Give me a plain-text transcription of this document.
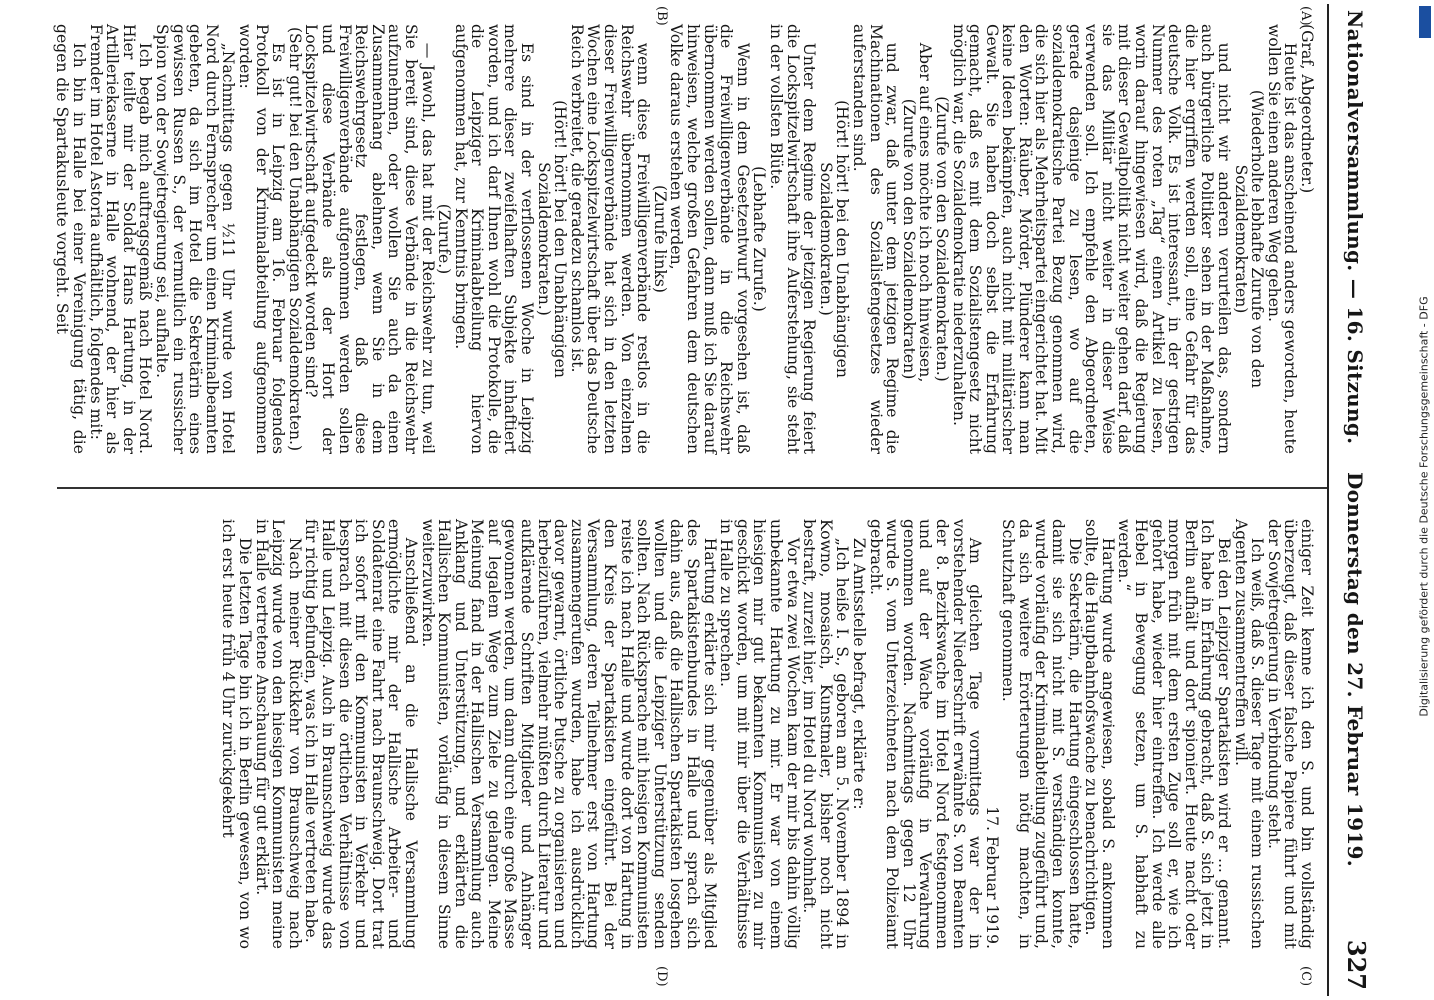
Nationalversammlung. — 16. Sitzung.
Donnerstag den 27. Februar 1919.
327
(A)
(B)
(C)
(D)

(Graf, Abgeordneter.)

Heute ist das anscheinend anders geworden, heute wollen Sie einen anderen Weg gehen.

(Wiederholte lebhafte Zurufe von den Sozialdemokraten)

und nicht wir anderen verurteilen das, sondern auch bürgerliche Politiker sehen in der Maßnahme, die hier ergriffen werden soll, eine Gefahr für das deutsche Volk. Es ist interessant, in der gestrigen Nummer des roten „Tag“ einen Artikel zu lesen, worin darauf hingewiesen wird, daß die Regierung mit dieser Gewaltpolitik nicht weiter gehen darf, daß sie das Militär nicht weiter in dieser Weise verwenden soll. Ich empfehle den Abgeordneten, gerade dasjenige zu lesen, wo auf die sozialdemokratische Partei Bezug genommen wird, die sich hier als Mehrheitspartei eingerichtet hat. Mit den Worten: Räuber, Mörder, Plünderer kann man keine Ideen bekämpfen, auch nicht mit militärischer Gewalt. Sie haben doch selbst die Erfahrung gemacht, daß es mit dem Sozialistengesetz nicht möglich war, die Sozialdemokratie niederzuhalten.

(Zurufe von den Sozialdemokraten.)

Aber auf eines möchte ich noch hinweisen,

(Zurufe von den Sozialdemokraten)

und zwar, daß unter dem jetzigen Regime die Machinationen des Sozialistengesetzes wieder auferstanden sind.

(Hört! hört! bei den Unabhängigen Sozialdemokraten.)

Unter dem Regime der jetzigen Regierung feiert die Lockspitzelwirtschaft ihre Auferstehung, sie steht in der vollsten Blüte.

(Lebhafte Zurufe.)

Wenn in dem Gesetzentwurf vorgesehen ist, daß die Freiwilligenverbände in die Reichswehr übernommen werden sollen, dann muß ich Sie darauf hinweisen, welche großen Gefahren dem deutschen Volke daraus erstehen werden,

(Zurufe links)

wenn diese Freiwilligenverbände restlos in die Reichswehr übernommen werden. Von einzelnen dieser Freiwilligenverbände hat sich in den letzten Wochen eine Lockspitzelwirtschaft über das Deutsche Reich verbreitet, die geradezu schamlos ist.

(Hört! hört! bei den Unabhängigen Sozialdemokraten.)

Es sind in der verflossenen Woche in Leipzig mehrere dieser zweifelhaften Subjekte inhaftiert worden, und ich darf Ihnen wohl die Protokolle, die die Leipziger Kriminalabteilung hiervon aufgenommen hat, zur Kenntnis bringen.

(Zurufe.)

— Jawohl, das hat mit der Reichswehr zu tun, weil Sie bereit sind, diese Verbände in die Reichswehr aufzunehmen, oder wollen Sie auch da einen Zusammenhang ablehnen, wenn Sie in dem Reichswehrgesetz festlegen, daß diese Freiwilligenverbände aufgenommen werden sollen und diese Verbände als der Hort der Lockspitzelwirtschaft aufgedeckt worden sind?

(Sehr gut! bei den Unabhängigen Sozialdemokraten.)

Es ist in Leipzig am 16. Februar folgendes Protokoll von der Kriminalabteilung aufgenommen worden:

„Nachmittags gegen ½11 Uhr wurde von Hotel Nord durch Fernsprecher um einen Kriminalbeamten gebeten, da sich im Hotel die Sekretärin eines gewissen Russen S., der vermutlich ein russischer Spion von der Sowjetregierung sei, aufhalte.

Ich begab mich auftragsgemäß nach Hotel Nord. Hier teilte mir der Soldat Hans Hartung, in der Artilleriekaserne in Halle wohnend, der hier als Fremder im Hotel Astoria aufhältlich, folgendes mit:

Ich bin in Halle bei einer Vereinigung tätig, die gegen die Spartakusleute vorgeht. Seit

einiger Zeit kenne ich den S. und bin vollständig überzeugt, daß dieser falsche Papiere führt und mit der Sowjetregierung in Verbindung steht.

Ich weiß, daß S. dieser Tage mit einem russischen Agenten zusammentreffen will.

Bei den Leipziger Spartakisten wird er ... genannt. Ich habe in Erfahrung gebracht, daß S. sich jetzt in Berlin aufhält und dort spioniert. Heute nacht oder morgen früh mit dem ersten Zuge soll er, wie ich gehört habe, wieder hier eintreffen. Ich werde alle Hebel in Bewegung setzen, um S. habhaft zu werden.“

Hartung wurde angewiesen, sobald S. ankommen sollte, die Hauptbahnhofswache zu benachrichtigen.

Die Sekretärin, die Hartung eingeschlossen hatte, damit sie sich nicht mit S. verständigen konnte, wurde vorläufig der Kriminalabteilung zugeführt und, da sich weitere Erörterungen nötig machten, in Schutzhaft genommen.

17. Februar 1919.

Am gleichen Tage vormittags war der in vorstehender Niederschrift erwähnte S. von Beamten der 8. Bezirkswache im Hotel Nord festgenommen und auf der Wache vorläufig in Verwahrung genommen worden. Nachmittags gegen 12 Uhr wurde S. vom Unterzeichneten nach dem Polizeiamt gebracht.

Zu Amtsstelle befragt, erklärte er:

„Ich heiße I. S., geboren am 5. November 1894 in Kowno, mosaisch, Kunstmaler, bisher noch nicht bestraft, zurzeit hier, im Hotel du Nord wohnhaft.

Vor etwa zwei Wochen kam der mir bis dahin völlig unbekannte Hartung zu mir. Er war von einem hiesigen mir gut bekannten Kommunisten zu mir geschickt worden, um mit mir über die Verhältnisse in Halle zu sprechen.

Hartung erklärte sich mir gegenüber als Mitglied des Spartakistenbundes in Halle und sprach sich dahin aus, daß die Hallischen Spartakisten losgehen wollten und die Leipziger Unterstützung senden sollten. Nach Rücksprache mit hiesigen Kommunisten reiste ich nach Halle und wurde dort von Hartung in den Kreis der Spartakisten eingeführt. Bei der Versammlung, deren Teilnehmer erst von Hartung zusammengerufen wurden, habe ich ausdrücklich davor gewarnt, örtliche Putsche zu organisieren und herbeizuführen, vielmehr müßten durch Literatur und aufklärende Schriften Mitglieder und Anhänger gewonnen werden, um dann durch eine große Masse auf legalem Wege zum Ziele zu gelangen. Meine Meinung fand in der Hallischen Versammlung auch Anklang und Unterstützung, und erklärten die Hallischen Kommunisten, vorläufig in diesem Sinne weiterzuwirken.

Anschließend an die Hallische Versammlung ermöglichte mir der Hallische Arbeiter- und Soldatenrat eine Fahrt nach Braunschweig. Dort trat ich sofort mit den Kommunisten in Verkehr und besprach mit diesen die örtlichen Verhältnisse von Halle und Leipzig. Auch in Braunschweig wurde das für richtig befunden, was ich in Halle vertreten habe.

Nach meiner Rückkehr von Braunschweig nach Leipzig wurde von den hiesigen Kommunisten meine in Halle vertretene Anschauung für gut erklärt.

Die letzten Tage bin ich in Berlin gewesen, von wo ich erst heute früh 4 Uhr zurückgekehrt	Digitalisierung gefördert durch die Deutsche Forschungsgemeinschaft - DFG
